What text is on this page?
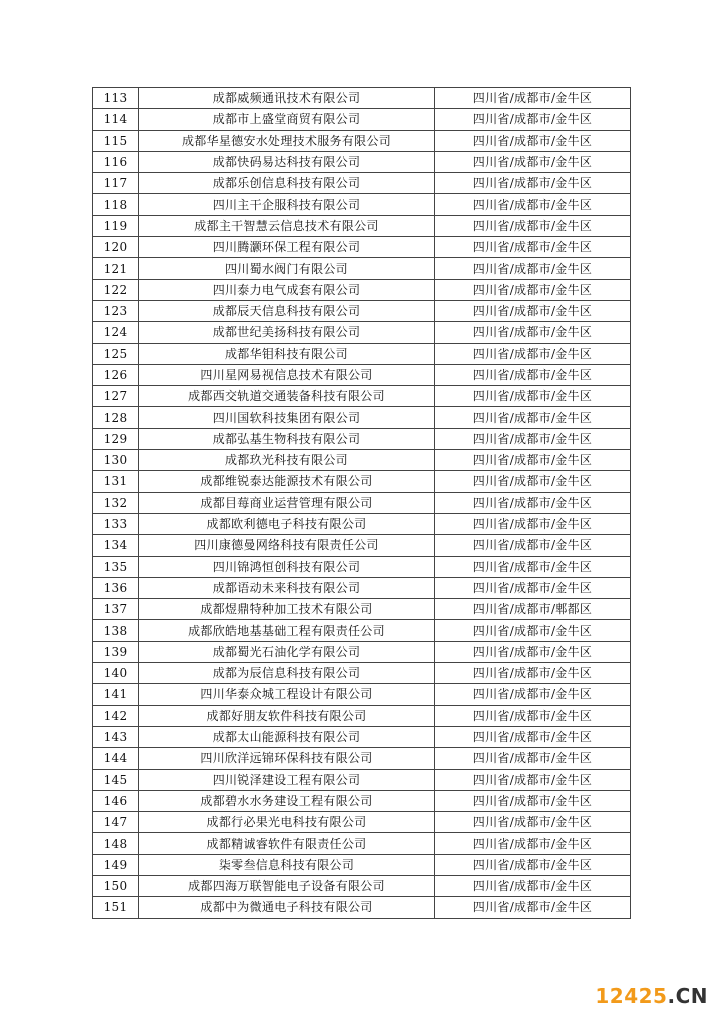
113	成都威频通讯技术有限公司	四川省/成都市/金牛区
114	成都市上盛堂商贸有限公司	四川省/成都市/金牛区
115	成都华星德安水处理技术服务有限公司	四川省/成都市/金牛区
116	成都快码易达科技有限公司	四川省/成都市/金牛区
117	成都乐创信息科技有限公司	四川省/成都市/金牛区
118	四川主干企服科技有限公司	四川省/成都市/金牛区
119	成都主干智慧云信息技术有限公司	四川省/成都市/金牛区
120	四川腾灏环保工程有限公司	四川省/成都市/金牛区
121	四川蜀水阀门有限公司	四川省/成都市/金牛区
122	四川泰力电气成套有限公司	四川省/成都市/金牛区
123	成都辰天信息科技有限公司	四川省/成都市/金牛区
124	成都世纪美扬科技有限公司	四川省/成都市/金牛区
125	成都华钼科技有限公司	四川省/成都市/金牛区
126	四川星网易视信息技术有限公司	四川省/成都市/金牛区
127	成都西交轨道交通装备科技有限公司	四川省/成都市/金牛区
128	四川国软科技集团有限公司	四川省/成都市/金牛区
129	成都弘基生物科技有限公司	四川省/成都市/金牛区
130	成都玖光科技有限公司	四川省/成都市/金牛区
131	成都维锐泰达能源技术有限公司	四川省/成都市/金牛区
132	成都目莓商业运营管理有限公司	四川省/成都市/金牛区
133	成都欧利德电子科技有限公司	四川省/成都市/金牛区
134	四川康德曼网络科技有限责任公司	四川省/成都市/金牛区
135	四川锦鸿恒创科技有限公司	四川省/成都市/金牛区
136	成都语动未来科技有限公司	四川省/成都市/金牛区
137	成都煜鼎特种加工技术有限公司	四川省/成都市/郫都区
138	成都欣皓地基基础工程有限责任公司	四川省/成都市/金牛区
139	成都蜀光石油化学有限公司	四川省/成都市/金牛区
140	成都为辰信息科技有限公司	四川省/成都市/金牛区
141	四川华泰众城工程设计有限公司	四川省/成都市/金牛区
142	成都好朋友软件科技有限公司	四川省/成都市/金牛区
143	成都太山能源科技有限公司	四川省/成都市/金牛区
144	四川欣洋远锦环保科技有限公司	四川省/成都市/金牛区
145	四川锐泽建设工程有限公司	四川省/成都市/金牛区
146	成都碧水水务建设工程有限公司	四川省/成都市/金牛区
147	成都行必果光电科技有限公司	四川省/成都市/金牛区
148	成都精诚睿软件有限责任公司	四川省/成都市/金牛区
149	柒零叁信息科技有限公司	四川省/成都市/金牛区
150	成都四海万联智能电子设备有限公司	四川省/成都市/金牛区
151	成都中为微通电子科技有限公司	四川省/成都市/金牛区
12425.CN
